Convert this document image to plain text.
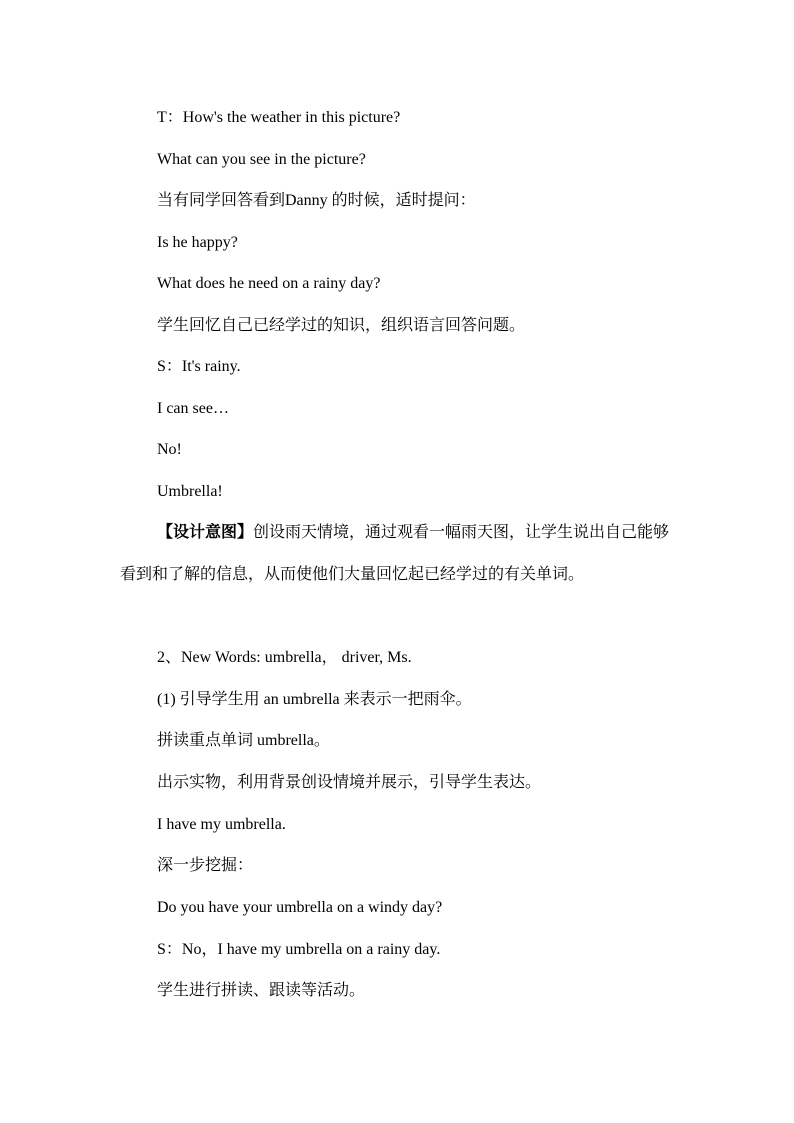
T：How's the weather in this picture?
What can you see in the picture?
当有同学回答看到Danny 的时候，适时提问：
Is he happy?
What does he need on a rainy day?
学生回忆自己已经学过的知识，组织语言回答问题。
S：It's rainy.
I can see…
No!
Umbrella!
【设计意图】创设雨天情境，通过观看一幅雨天图，让学生说出自己能够看到和了解的信息，从而使他们大量回忆起已经学过的有关单词。
2、New Words: umbrella， driver, Ms.
(1) 引导学生用 an umbrella 来表示一把雨伞。
拼读重点单词 umbrella。
出示实物，利用背景创设情境并展示，引导学生表达。
I have my umbrella.
深一步挖掘：
Do you have your umbrella on a windy day?
S：No，I have my umbrella on a rainy day.
学生进行拼读、跟读等活动。
